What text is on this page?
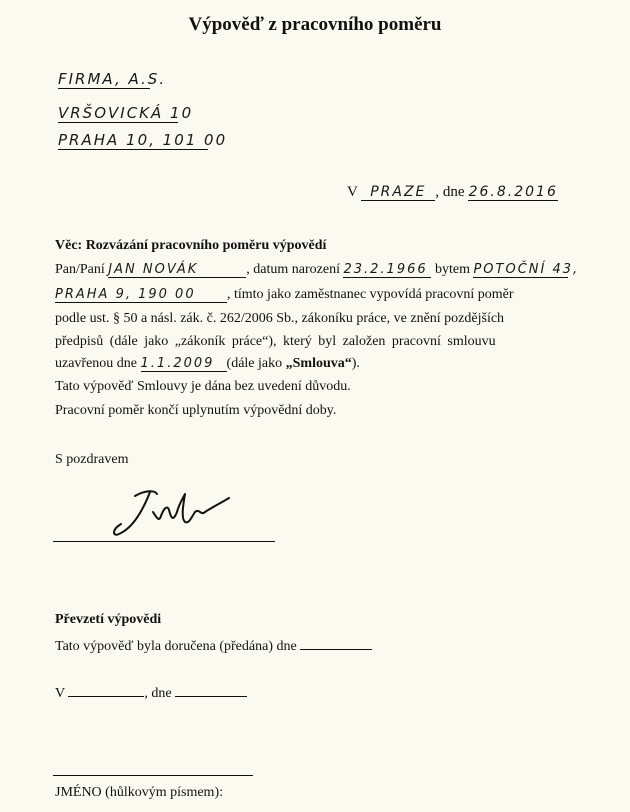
Výpověď z pracovního poměru
FIRMA, A.S.
VRŠOVICKÁ 10
PRAHA 10, 101 00
V PRAZE , dne 26.8.2016
Věc: Rozvázání pracovního poměru výpovědí
Pan/Paní JAN NOVÁK	, datum narození 23.2.1966 bytem POTOČNÍ 43,
PRAHA 9, 190 00 , tímto jako zaměstnanec vypovídá pracovní poměr
podle ust. § 50 a násl. zák. č. 262/2006 Sb., zákoníku práce, ve znění pozdějších
předpisů (dále jako „zákoník práce“), který byl založen pracovní smlouvu
uzavřenou dne 1.1.2009 (dále jako „Smlouva“).
Tato výpověď Smlouvy je dána bez uvedení důvodu.
Pracovní poměr končí uplynutím výpovědní doby.
S pozdravem
Převzetí výpovědi
Tato výpověď byla doručena (předána) dne
V	, dne
JMÉNO (hůlkovým písmem):
